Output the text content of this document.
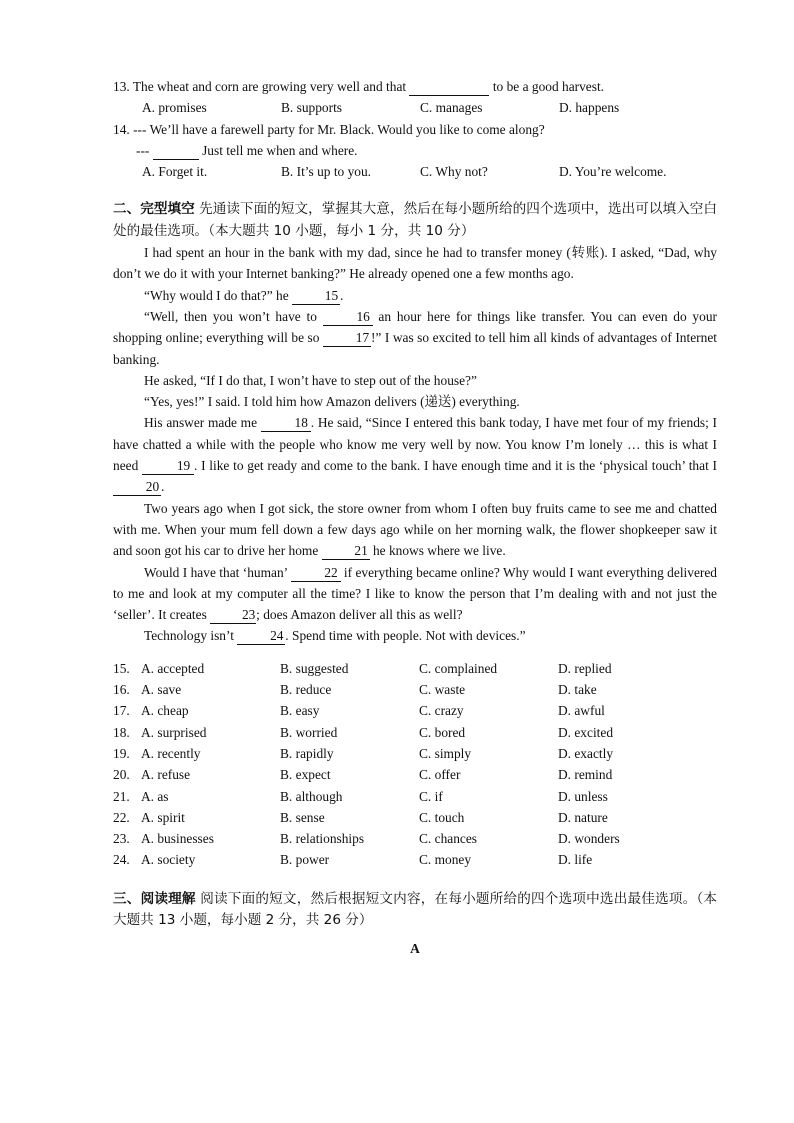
13. The wheat and corn are growing very well and that	to be a good harvest.
A. promises	B. supports	C. manages	D. happens
14. --- We’ll have a farewell party for Mr. Black. Would you like to come along?
---	Just tell me when and where.
A. Forget it.	B. It’s up to you.	C. Why not?	D. You’re welcome.
二、完型填空 先通读下面的短文，掌握其大意，然后在每小题所给的四个选项中，选出可以填入空白处的最佳选项。（本大题共 10 小题，每小 1 分，共 10 分）

I had spent an hour in the bank with my dad, since he had to transfer money (转账). I asked, “Dad, why don’t we do it with your Internet banking?” He already opened one a few months ago.

“Why would I do that?” he 15 .

“Well, then you won’t have to	16 an hour here for things like transfer. You can even do your shopping online; everything will be so 17 !” I was so excited to tell him all kinds of advantages of Internet banking.

He asked, “If I do that, I won’t have to step out of the house?”

“Yes, yes!” I said. I told him how Amazon delivers (递送) everything.

His answer made me	18 . He said, “Since I entered this bank today, I have met four of my friends; I have chatted a while with the people who know me very well by now. You know I’m lonely … this is what I need	19 . I like to get ready and come to the bank. I have enough time and it is the ‘physical touch’ that I 20 .

Two years ago when I got sick, the store owner from whom I often buy fruits came to see me and chatted with me. When your mum fell down a few days ago while on her morning walk, the flower shopkeeper saw it and soon got his car to drive her home 21 he knows where we live.

Would I have that ‘human’	22 if everything became online? Why would I want everything delivered to me and look at my computer all the time? I like to know the person that I’m dealing with and not just the ‘seller’. It creates 23; does Amazon deliver all this as well?

Technology isn’t 24 . Spend time with people. Not with devices.”

15. A. accepted	B. suggested	C. complained	D. replied
16. A. save	B. reduce	C. waste	D. take
17. A. cheap	B. easy	C. crazy	D. awful
18. A. surprised	B. worried	C. bored	D. excited
19. A. recently	B. rapidly	C. simply	D. exactly
20. A. refuse	B. expect	C. offer	D. remind
21. A. as	B. although	C. if	D. unless
22. A. spirit	B. sense	C. touch	D. nature
23. A. businesses	B. relationships	C. chances	D. wonders
24. A. society	B. power	C. money	D. life
三、阅读理解 阅读下面的短文，然后根据短文内容，在每小题所给的四个选项中选出最佳选项。（本大题共 13 小题，每小题 2 分，共 26 分）
A
